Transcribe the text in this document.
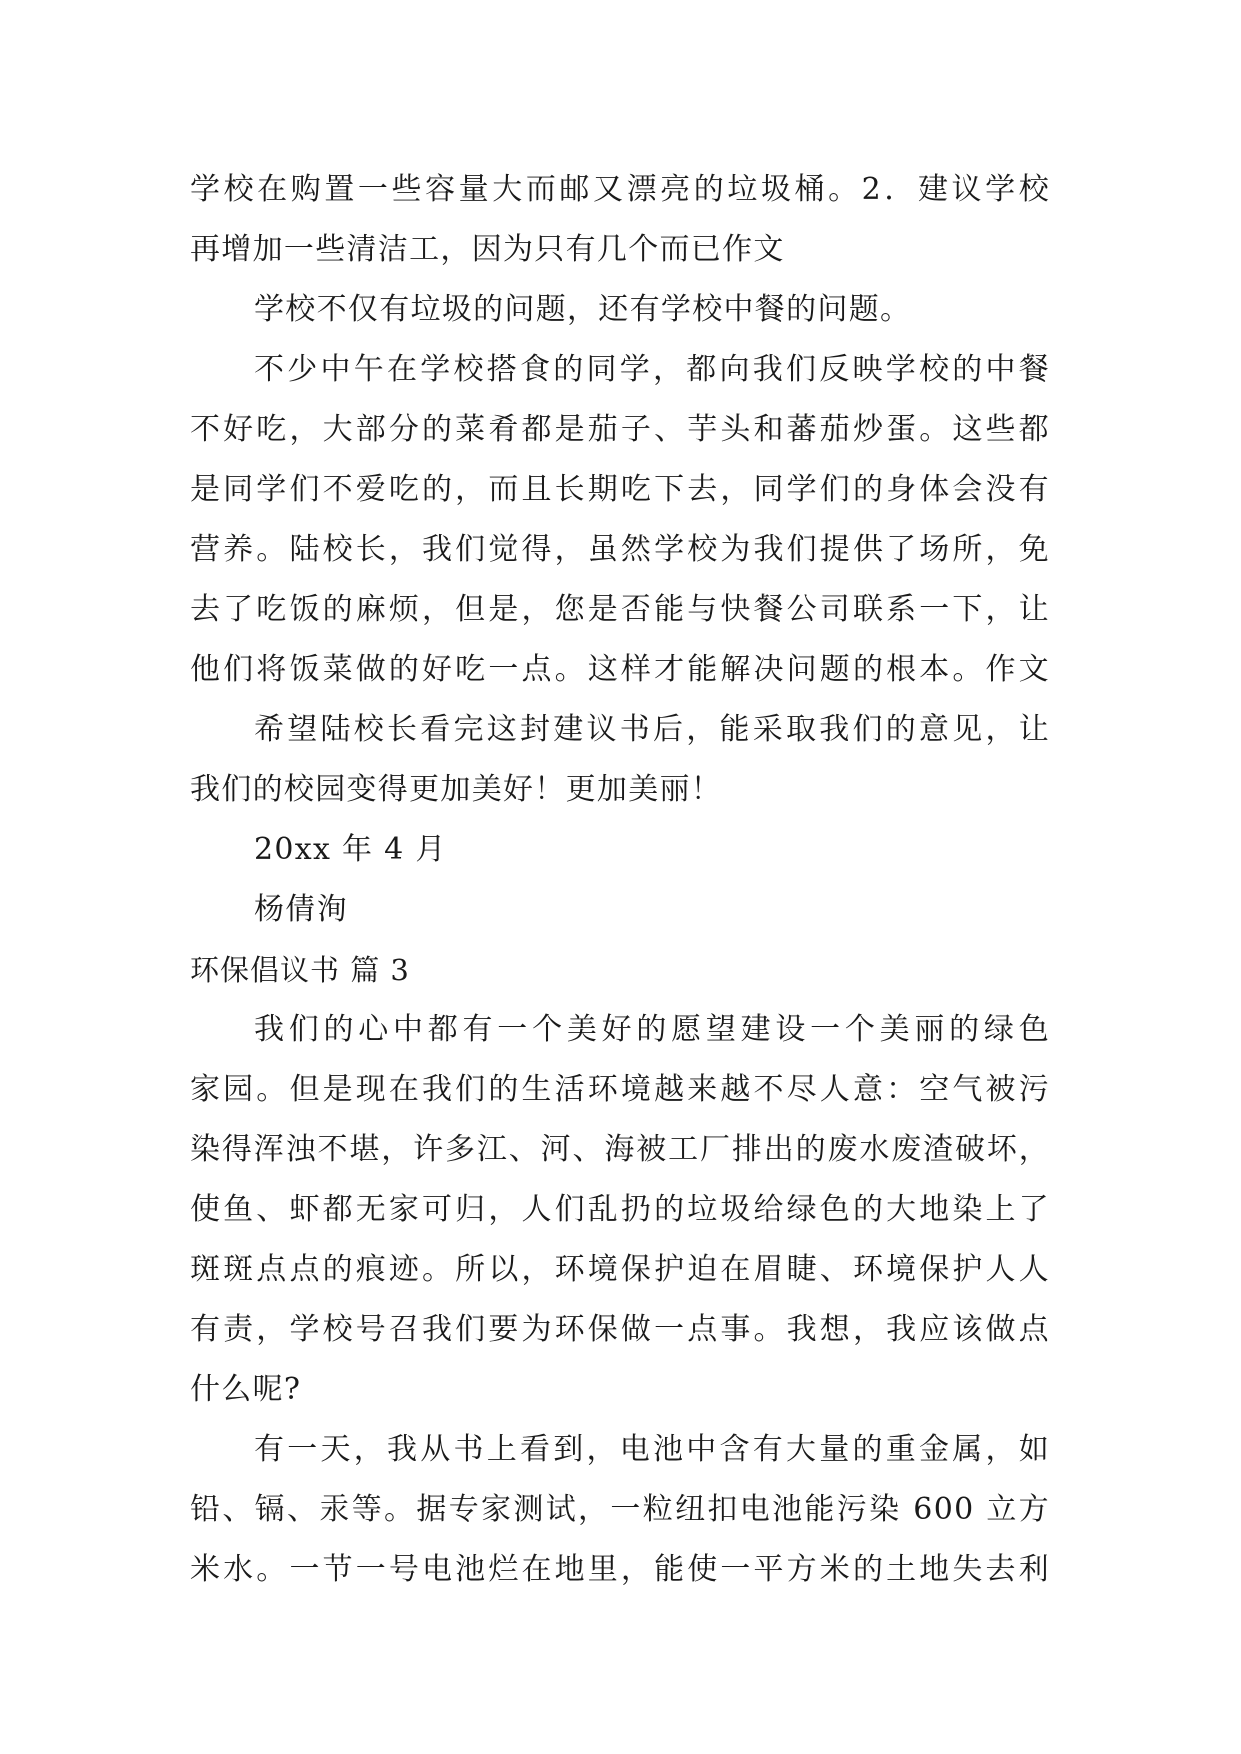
学校在购置一些容量大而邮又漂亮的垃圾桶。2．建议学校
再增加一些清洁工，因为只有几个而已作文
学校不仅有垃圾的问题，还有学校中餐的问题。
不少中午在学校搭食的同学，都向我们反映学校的中餐
不好吃，大部分的菜肴都是茄子、芋头和蕃茄炒蛋。这些都
是同学们不爱吃的，而且长期吃下去，同学们的身体会没有
营养。陆校长，我们觉得，虽然学校为我们提供了场所，免
去了吃饭的麻烦，但是，您是否能与快餐公司联系一下，让
他们将饭菜做的好吃一点。这样才能解决问题的根本。作文
希望陆校长看完这封建议书后，能采取我们的意见，让
我们的校园变得更加美好！更加美丽！
20xx 年 4 月
杨倩洵
环保倡议书 篇 3
我们的心中都有一个美好的愿望建设一个美丽的绿色
家园。但是现在我们的生活环境越来越不尽人意：空气被污
染得浑浊不堪，许多江、河、海被工厂排出的废水废渣破坏，
使鱼、虾都无家可归，人们乱扔的垃圾给绿色的大地染上了
斑斑点点的痕迹。所以，环境保护迫在眉睫、环境保护人人
有责，学校号召我们要为环保做一点事。我想，我应该做点
什么呢?
有一天，我从书上看到，电池中含有大量的重金属，如
铅、镉、汞等。据专家测试，一粒纽扣电池能污染 600 立方
米水。一节一号电池烂在地里，能使一平方米的土地失去利
